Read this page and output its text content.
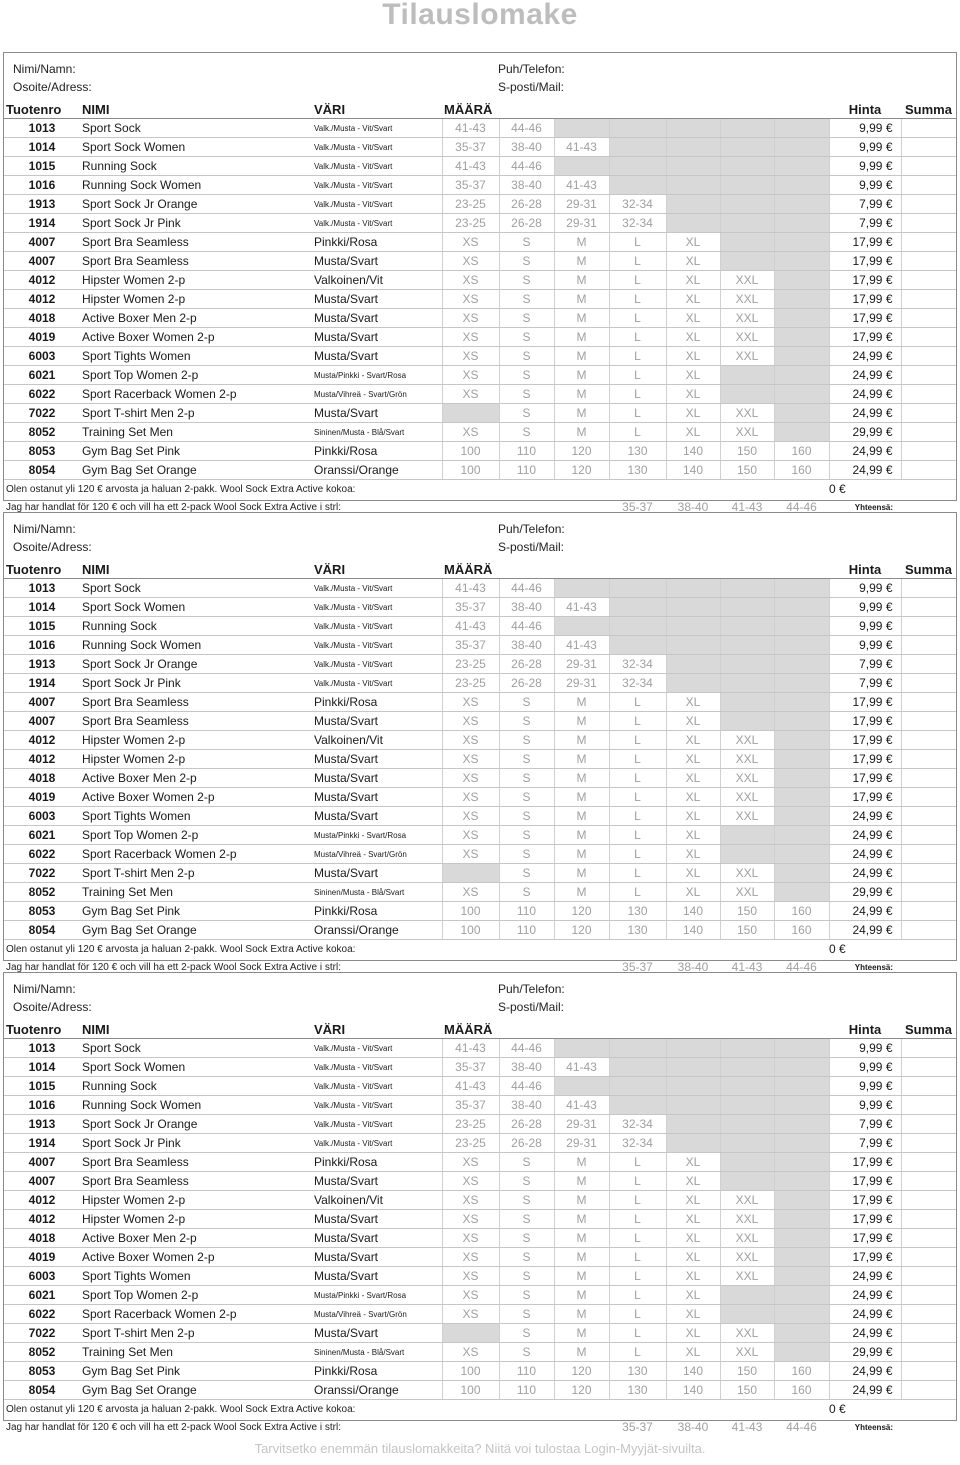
Tilauslomake
Nimi/Namn:
Osoite/Adress:
Puh/Telefon:
S-posti/Mail:
Tuotenro	NIMI	VÄRI	MÄÄRÄ							Hinta	Summa
1013	Sport Sock	Valk./Musta - Vit/Svart	41-43	44-46						9,99 €	
1014	Sport Sock Women	Valk./Musta - Vit/Svart	35-37	38-40	41-43					9,99 €	
1015	Running Sock	Valk./Musta - Vit/Svart	41-43	44-46						9,99 €	
1016	Running Sock Women	Valk./Musta - Vit/Svart	35-37	38-40	41-43					9,99 €	
1913	Sport Sock Jr Orange	Valk./Musta - Vit/Svart	23-25	26-28	29-31	32-34				7,99 €	
1914	Sport Sock Jr Pink	Valk./Musta - Vit/Svart	23-25	26-28	29-31	32-34				7,99 €	
4007	Sport Bra Seamless	Pinkki/Rosa	XS	S	M	L	XL			17,99 €	
4007	Sport Bra Seamless	Musta/Svart	XS	S	M	L	XL			17,99 €	
4012	Hipster Women 2-p	Valkoinen/Vit	XS	S	M	L	XL	XXL		17,99 €	
4012	Hipster Women 2-p	Musta/Svart	XS	S	M	L	XL	XXL		17,99 €	
4018	Active Boxer Men 2-p	Musta/Svart	XS	S	M	L	XL	XXL		17,99 €	
4019	Active Boxer Women 2-p	Musta/Svart	XS	S	M	L	XL	XXL		17,99 €	
6003	Sport Tights Women	Musta/Svart	XS	S	M	L	XL	XXL		24,99 €	
6021	Sport Top Women 2-p	Musta/Pinkki - Svart/Rosa	XS	S	M	L	XL			24,99 €	
6022	Sport Racerback Women 2-p	Musta/Vihreä - Svart/Grön	XS	S	M	L	XL			24,99 €	
7022	Sport T-shirt Men 2-p	Musta/Svart		S	M	L	XL	XXL		24,99 €	
8052	Training Set Men	Sininen/Musta - Blå/Svart	XS	S	M	L	XL	XXL		29,99 €	
8053	Gym Bag Set Pink	Pinkki/Rosa	100	110	120	130	140	150	160	24,99 €	
8054	Gym Bag Set Orange	Oranssi/Orange	100	110	120	130	140	150	160	24,99 €	
Olen ostanut yli 120 € arvosta ja haluan 2-pakk. Wool Sock Extra Active kokoa:										0 €	
Jag har handlat för 120 € och vill ha ett 2-pack Wool Sock Extra Active i strl:						35-37	38-40	41-43	44-46	Yhteensä:	
Nimi/Namn:
Osoite/Adress:
Puh/Telefon:
S-posti/Mail:
Tuotenro	NIMI	VÄRI	MÄÄRÄ							Hinta	Summa
1013	Sport Sock	Valk./Musta - Vit/Svart	41-43	44-46						9,99 €	
1014	Sport Sock Women	Valk./Musta - Vit/Svart	35-37	38-40	41-43					9,99 €	
1015	Running Sock	Valk./Musta - Vit/Svart	41-43	44-46						9,99 €	
1016	Running Sock Women	Valk./Musta - Vit/Svart	35-37	38-40	41-43					9,99 €	
1913	Sport Sock Jr Orange	Valk./Musta - Vit/Svart	23-25	26-28	29-31	32-34				7,99 €	
1914	Sport Sock Jr Pink	Valk./Musta - Vit/Svart	23-25	26-28	29-31	32-34				7,99 €	
4007	Sport Bra Seamless	Pinkki/Rosa	XS	S	M	L	XL			17,99 €	
4007	Sport Bra Seamless	Musta/Svart	XS	S	M	L	XL			17,99 €	
4012	Hipster Women 2-p	Valkoinen/Vit	XS	S	M	L	XL	XXL		17,99 €	
4012	Hipster Women 2-p	Musta/Svart	XS	S	M	L	XL	XXL		17,99 €	
4018	Active Boxer Men 2-p	Musta/Svart	XS	S	M	L	XL	XXL		17,99 €	
4019	Active Boxer Women 2-p	Musta/Svart	XS	S	M	L	XL	XXL		17,99 €	
6003	Sport Tights Women	Musta/Svart	XS	S	M	L	XL	XXL		24,99 €	
6021	Sport Top Women 2-p	Musta/Pinkki - Svart/Rosa	XS	S	M	L	XL			24,99 €	
6022	Sport Racerback Women 2-p	Musta/Vihreä - Svart/Grön	XS	S	M	L	XL			24,99 €	
7022	Sport T-shirt Men 2-p	Musta/Svart		S	M	L	XL	XXL		24,99 €	
8052	Training Set Men	Sininen/Musta - Blå/Svart	XS	S	M	L	XL	XXL		29,99 €	
8053	Gym Bag Set Pink	Pinkki/Rosa	100	110	120	130	140	150	160	24,99 €	
8054	Gym Bag Set Orange	Oranssi/Orange	100	110	120	130	140	150	160	24,99 €	
Olen ostanut yli 120 € arvosta ja haluan 2-pakk. Wool Sock Extra Active kokoa:										0 €	
Jag har handlat för 120 € och vill ha ett 2-pack Wool Sock Extra Active i strl:						35-37	38-40	41-43	44-46	Yhteensä:	
Nimi/Namn:
Osoite/Adress:
Puh/Telefon:
S-posti/Mail:
Tuotenro	NIMI	VÄRI	MÄÄRÄ							Hinta	Summa
1013	Sport Sock	Valk./Musta - Vit/Svart	41-43	44-46						9,99 €	
1014	Sport Sock Women	Valk./Musta - Vit/Svart	35-37	38-40	41-43					9,99 €	
1015	Running Sock	Valk./Musta - Vit/Svart	41-43	44-46						9,99 €	
1016	Running Sock Women	Valk./Musta - Vit/Svart	35-37	38-40	41-43					9,99 €	
1913	Sport Sock Jr Orange	Valk./Musta - Vit/Svart	23-25	26-28	29-31	32-34				7,99 €	
1914	Sport Sock Jr Pink	Valk./Musta - Vit/Svart	23-25	26-28	29-31	32-34				7,99 €	
4007	Sport Bra Seamless	Pinkki/Rosa	XS	S	M	L	XL			17,99 €	
4007	Sport Bra Seamless	Musta/Svart	XS	S	M	L	XL			17,99 €	
4012	Hipster Women 2-p	Valkoinen/Vit	XS	S	M	L	XL	XXL		17,99 €	
4012	Hipster Women 2-p	Musta/Svart	XS	S	M	L	XL	XXL		17,99 €	
4018	Active Boxer Men 2-p	Musta/Svart	XS	S	M	L	XL	XXL		17,99 €	
4019	Active Boxer Women 2-p	Musta/Svart	XS	S	M	L	XL	XXL		17,99 €	
6003	Sport Tights Women	Musta/Svart	XS	S	M	L	XL	XXL		24,99 €	
6021	Sport Top Women 2-p	Musta/Pinkki - Svart/Rosa	XS	S	M	L	XL			24,99 €	
6022	Sport Racerback Women 2-p	Musta/Vihreä - Svart/Grön	XS	S	M	L	XL			24,99 €	
7022	Sport T-shirt Men 2-p	Musta/Svart		S	M	L	XL	XXL		24,99 €	
8052	Training Set Men	Sininen/Musta - Blå/Svart	XS	S	M	L	XL	XXL		29,99 €	
8053	Gym Bag Set Pink	Pinkki/Rosa	100	110	120	130	140	150	160	24,99 €	
8054	Gym Bag Set Orange	Oranssi/Orange	100	110	120	130	140	150	160	24,99 €	
Olen ostanut yli 120 € arvosta ja haluan 2-pakk. Wool Sock Extra Active kokoa:										0 €	
Jag har handlat för 120 € och vill ha ett 2-pack Wool Sock Extra Active i strl:						35-37	38-40	41-43	44-46	Yhteensä:	
Tarvitsetko enemmän tilauslomakkeita? Niitä voi tulostaa Login-Myyjät-sivuilta.
